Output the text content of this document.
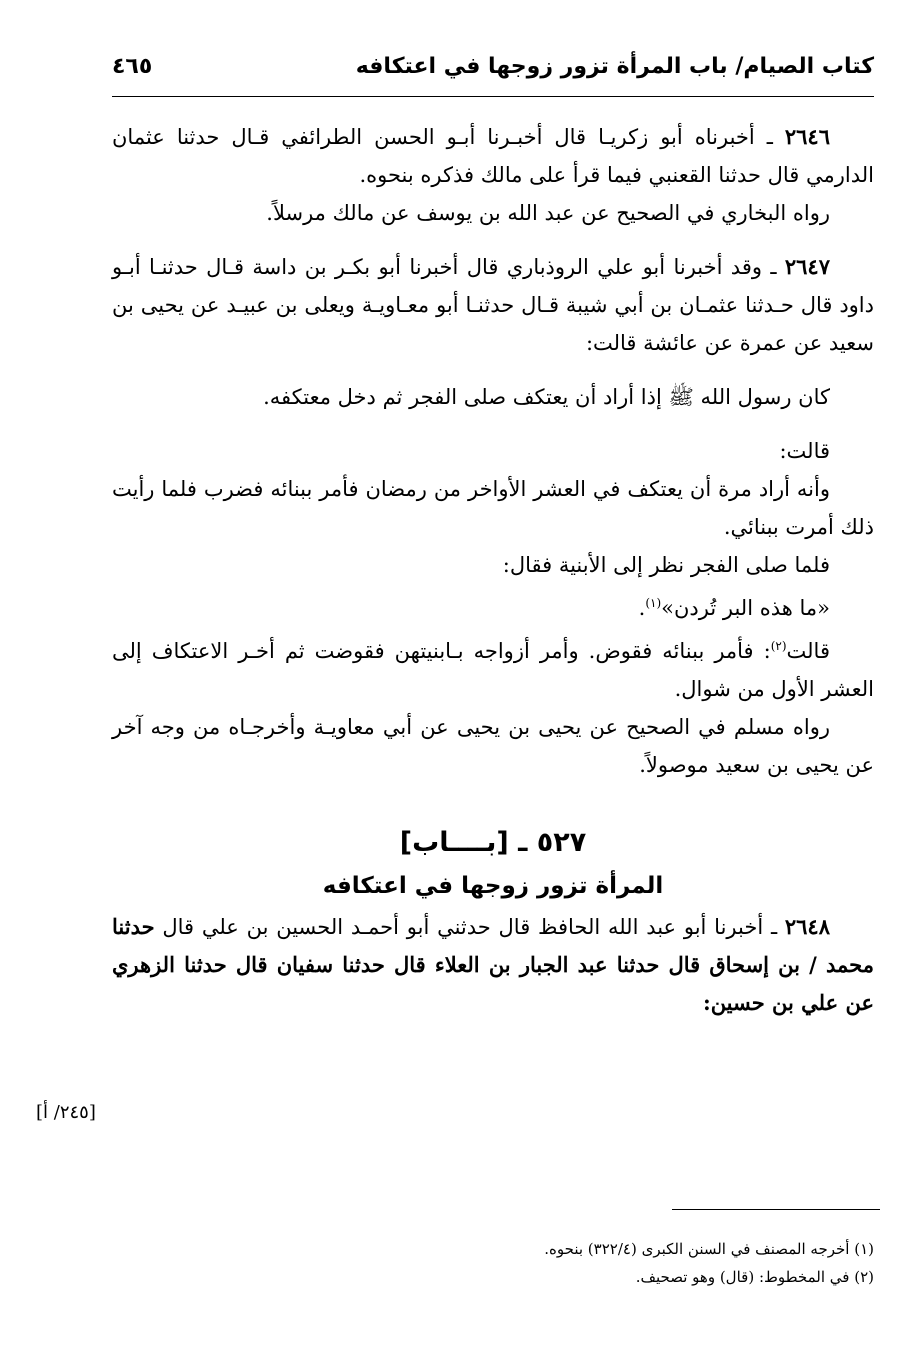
كتاب الصيام/ باب المرأة تزور زوجها في اعتكافه
٤٦٥

٢٦٤٦ ـ أخبرناه أبو زكريـا قال أخبـرنا أبـو الحسن الطرائفي قـال حدثنا عثمان الدارمي قال حدثنا القعنبي فيما قرأ على مالك فذكره بنحوه.

رواه البخاري في الصحيح عن عبد الله بن يوسف عن مالك مرسلاً.

٢٦٤٧ ـ وقد أخبرنا أبو علي الروذباري قال أخبرنا أبو بكـر بن داسة قـال حدثنـا أبـو داود قال حـدثنا عثمـان بن أبي شيبة قـال حدثنـا أبو معـاويـة ويعلى بن عبيـد عن يحيى بن سعيد عن عمرة عن عائشة قالت:

كان رسول الله ﷺ إذا أراد أن يعتكف صلى الفجر ثم دخل معتكفه.

قالت:

وأنه أراد مرة أن يعتكف في العشر الأواخر من رمضان فأمر ببنائه فضرب فلما رأيت ذلك أمرت ببنائي.

فلما صلى الفجر نظر إلى الأبنية فقال:

«ما هذه البر تُردن»$^{(١)}$.

قالت$^{(٢)}$: فأمر ببنائه فقوض. وأمر أزواجه بـابنيتهن فقوضت ثم أخـر الاعتكاف إلى العشر الأول من شوال.

رواه مسلم في الصحيح عن يحيى بن يحيى عن أبي معاويـة وأخرجـاه من وجه آخر عن يحيى بن سعيد موصولاً.

٥٢٧ ـ [بــــاب]
المرأة تزور زوجها في اعتكافه

٢٦٤٨ ـ أخبرنا أبو عبد الله الحافظ قال حدثني أبو أحمـد الحسين بن علي قال حدثنا محمد / بن إسحاق قال حدثنا عبد الجبار بن العلاء قال حدثنا سفيان قال حدثنا الزهري عن علي بن حسين:

[٢٤٥/ أ]

(١) أخرجه المصنف في السنن الكبرى (٣٢٢/٤) بنحوه.

(٢) في المخطوط: (قال) وهو تصحيف.
